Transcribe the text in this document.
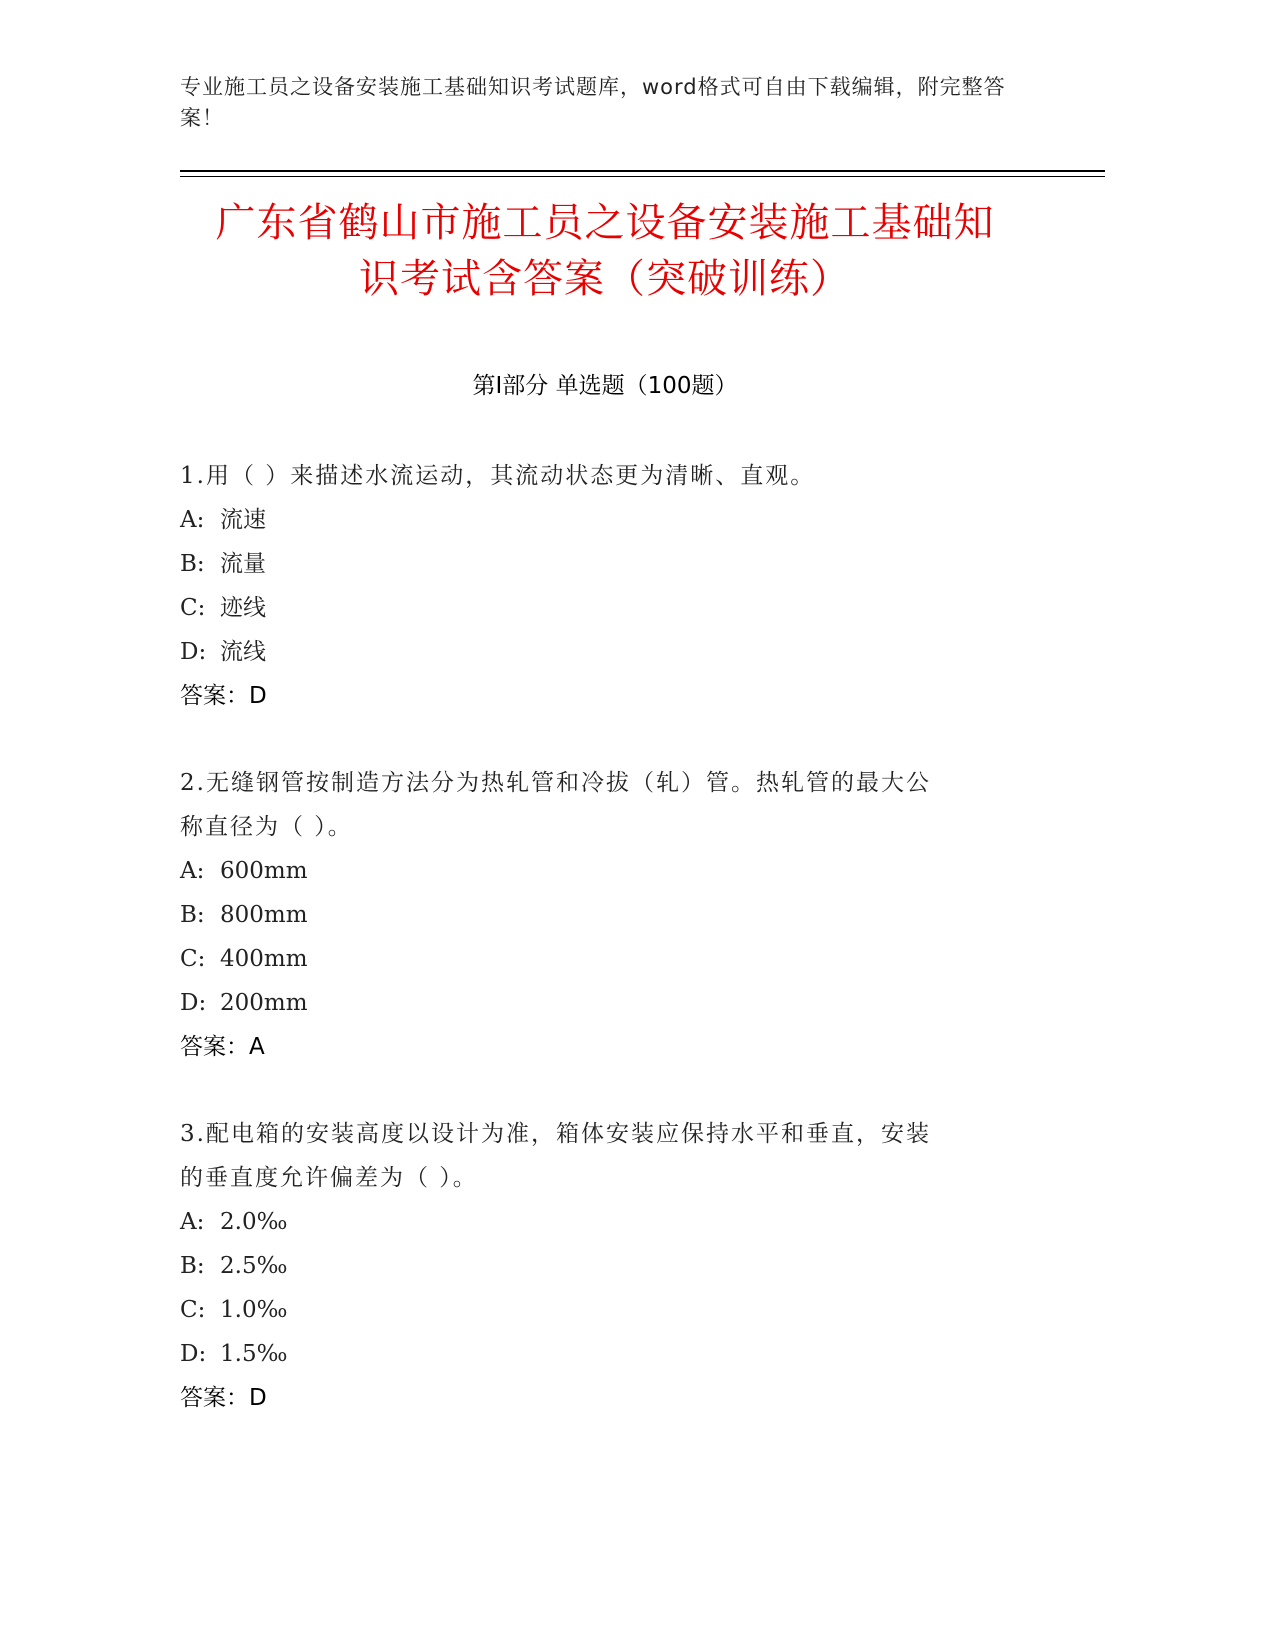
专业施工员之设备安装施工基础知识考试题库，word格式可自由下载编辑，附完整答案！
广东省鹤山市施工员之设备安装施工基础知
识考试含答案（突破训练）
第Ⅰ部分 单选题（100题）
1.用（ ）来描述水流运动，其流动状态更为清晰、直观。
A: 流速
B: 流量
C: 迹线
D: 流线
答案：D
2.无缝钢管按制造方法分为热轧管和冷拔（轧）管。热轧管的最大公
称直径为（ ）。
A: 600mm
B: 800mm
C: 400mm
D: 200mm
答案：A
3.配电箱的安装高度以设计为准，箱体安装应保持水平和垂直，安装
的垂直度允许偏差为（ ）。
A: 2.0‰
B: 2.5‰
C: 1.0‰
D: 1.5‰
答案：D
